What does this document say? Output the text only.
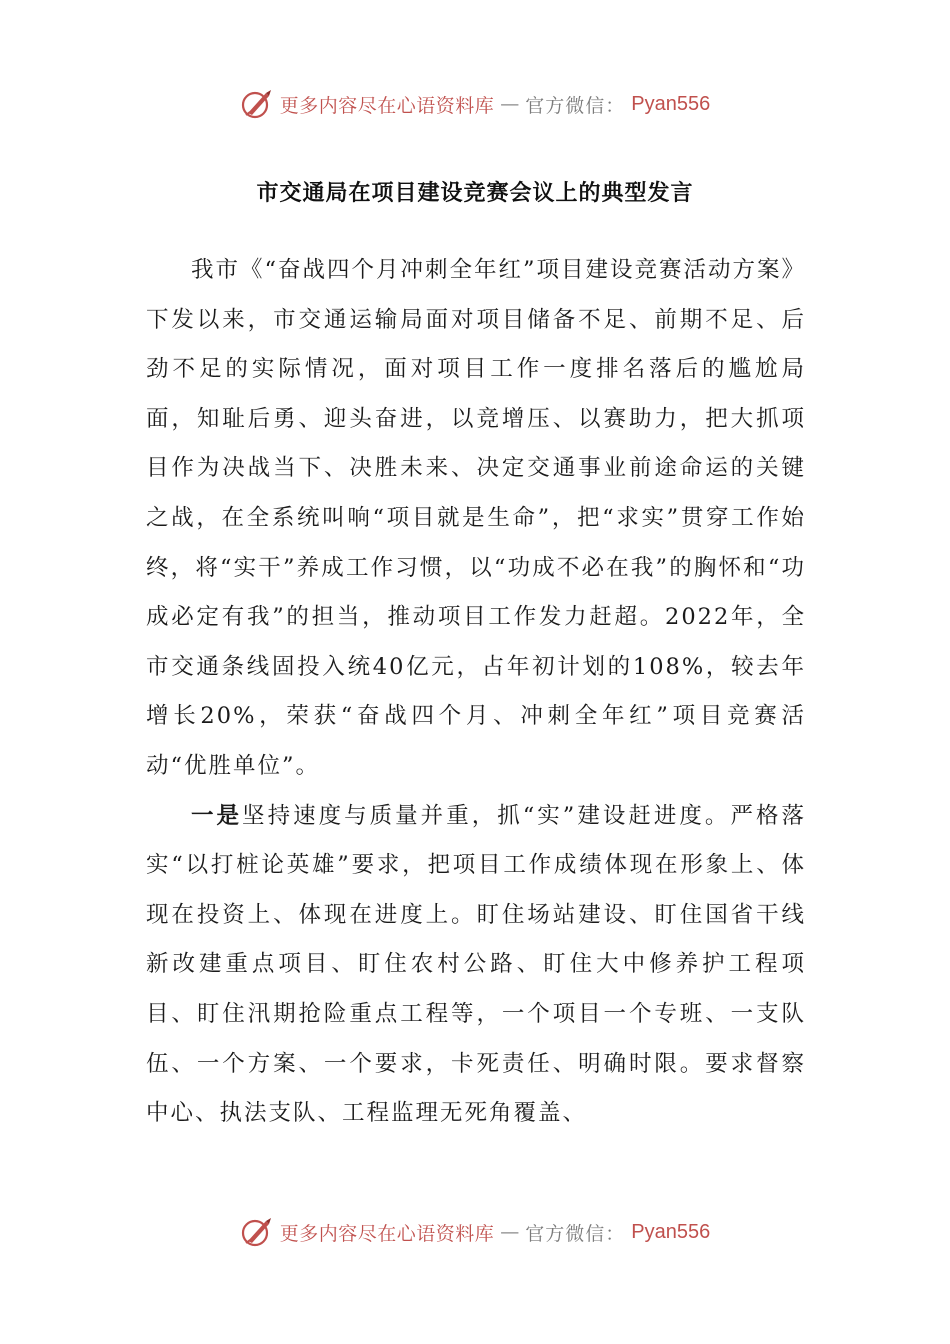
更多内容尽在心语资料库 — 官方微信： Pyan556
市交通局在项目建设竞赛会议上的典型发言

我市《“奋战四个月冲刺全年红”项目建设竞赛活动方案》下发以来，市交通运输局面对项目储备不足、前期不足、后劲不足的实际情况，面对项目工作一度排名落后的尴尬局面，知耻后勇、迎头奋进，以竞增压、以赛助力，把大抓项目作为决战当下、决胜未来、决定交通事业前途命运的关键之战，在全系统叫响“项目就是生命”，把“求实”贯穿工作始终，将“实干”养成工作习惯，以“功成不必在我”的胸怀和“功成必定有我”的担当，推动项目工作发力赶超。2022年，全市交通条线固投入统40亿元，占年初计划的108%，较去年增长20%，荣获“奋战四个月、冲刺全年红”项目竞赛活动“优胜单位”。

一是坚持速度与质量并重，抓“实”建设赶进度。严格落实“以打桩论英雄”要求，把项目工作成绩体现在形象上、体现在投资上、体现在进度上。盯住场站建设、盯住国省干线新改建重点项目、盯住农村公路、盯住大中修养护工程项目、盯住汛期抢险重点工程等，一个项目一个专班、一支队伍、一个方案、一个要求，卡死责任、明确时限。要求督察中心、执法支队、工程监理无死角覆盖、

更多内容尽在心语资料库 — 官方微信： Pyan556
